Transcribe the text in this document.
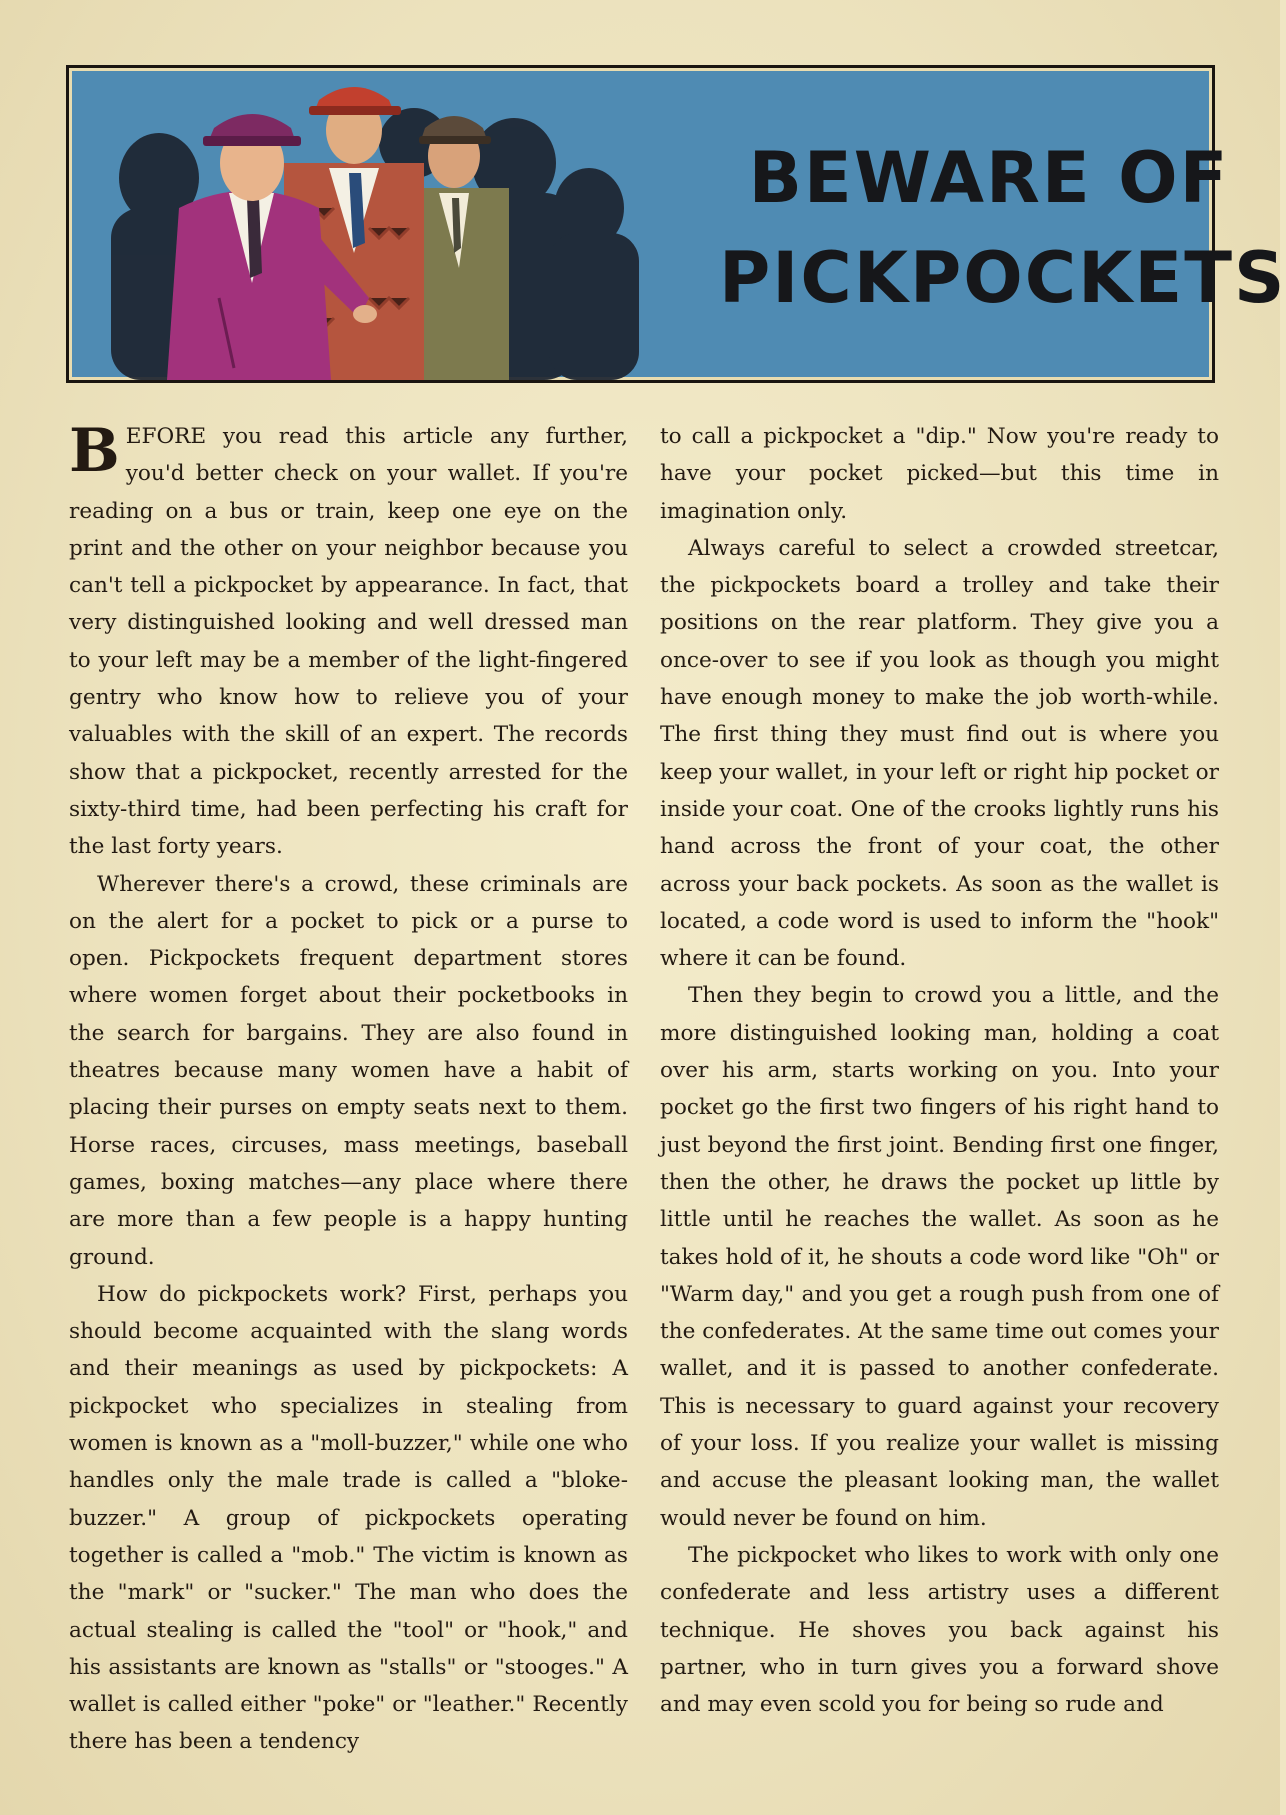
BEWARE OF
PICKPOCKETS

BEFORE you read this article any further, you'd better check on your wallet. If you're reading on a bus or train, keep one eye on the print and the other on your neighbor because you can't tell a pickpocket by appearance. In fact, that very distinguished looking and well dressed man to your left may be a member of the light-fingered gentry who know how to relieve you of your valuables with the skill of an expert. The records show that a pickpocket, recently arrested for the sixty-third time, had been perfecting his craft for the last forty years.

Wherever there's a crowd, these criminals are on the alert for a pocket to pick or a purse to open. Pickpockets frequent department stores where women forget about their pocketbooks in the search for bargains. They are also found in theatres because many women have a habit of placing their purses on empty seats next to them. Horse races, circuses, mass meetings, baseball games, boxing matches—any place where there are more than a few people is a happy hunting ground.

How do pickpockets work? First, perhaps you should become acquainted with the slang words and their meanings as used by pickpockets: A pickpocket who specializes in stealing from women is known as a "moll-buzzer," while one who handles only the male trade is called a "bloke-buzzer." A group of pickpockets operating together is called a "mob." The victim is known as the "mark" or "sucker." The man who does the actual stealing is called the "tool" or "hook," and his assistants are known as "stalls" or "stooges." A wallet is called either "poke" or "leather." Recently there has been a tendency

to call a pickpocket a "dip." Now you're ready to have your pocket picked—but this time in imagination only.

Always careful to select a crowded streetcar, the pickpockets board a trolley and take their positions on the rear platform. They give you a once-over to see if you look as though you might have enough money to make the job worth-while. The first thing they must find out is where you keep your wallet, in your left or right hip pocket or inside your coat. One of the crooks lightly runs his hand across the front of your coat, the other across your back pockets. As soon as the wallet is located, a code word is used to inform the "hook" where it can be found.

Then they begin to crowd you a little, and the more distinguished looking man, holding a coat over his arm, starts working on you. Into your pocket go the first two fingers of his right hand to just beyond the first joint. Bending first one finger, then the other, he draws the pocket up little by little until he reaches the wallet. As soon as he takes hold of it, he shouts a code word like "Oh" or "Warm day," and you get a rough push from one of the confederates. At the same time out comes your wallet, and it is passed to another confederate. This is necessary to guard against your recovery of your loss. If you realize your wallet is missing and accuse the pleasant looking man, the wallet would never be found on him.

The pickpocket who likes to work with only one confederate and less artistry uses a different technique. He shoves you back against his partner, who in turn gives you a forward shove and may even scold you for being so rude and
